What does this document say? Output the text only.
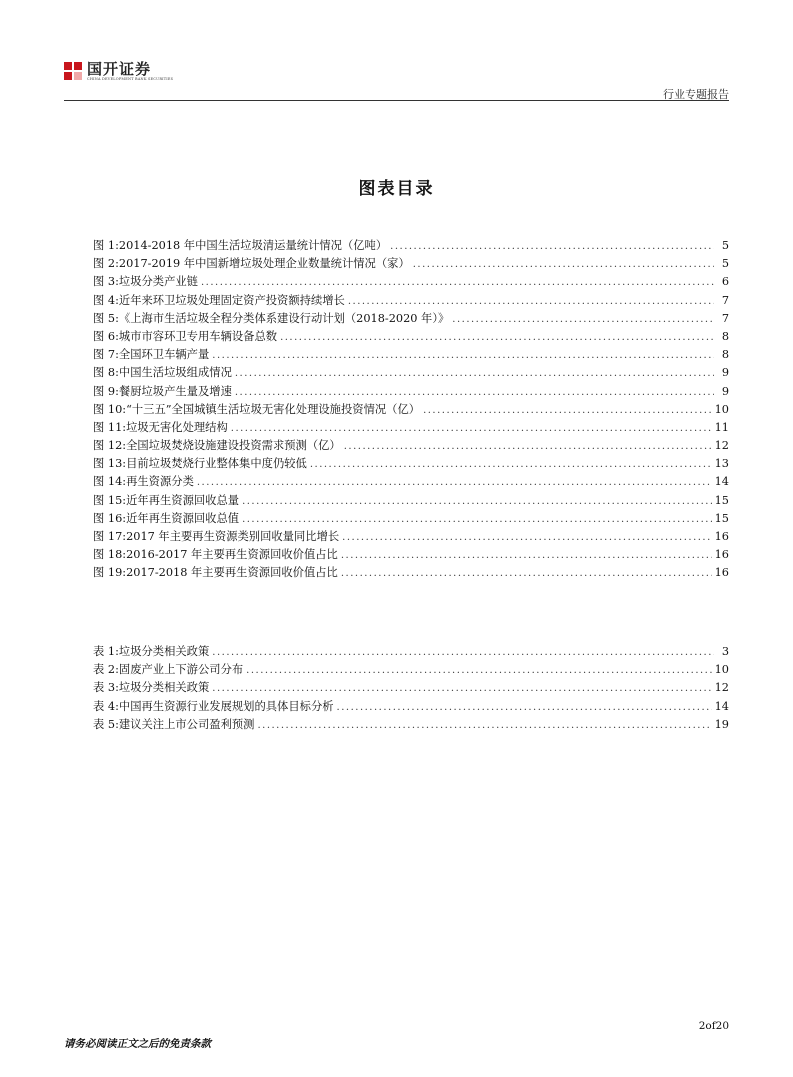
国开证券
CHINA DEVELOPMENT BANK SECURITIES
行业专题报告
图表目录
图 1: 2014-2018 年中国生活垃圾清运量统计情况（亿吨） .....	5
图 2: 2017-2019 年中国新增垃圾处理企业数量统计情况（家） .....	5
图 3: 垃圾分类产业链 .....	6
图 4: 近年来环卫垃圾处理固定资产投资额持续增长 .....	7
图 5: 《上海市生活垃圾全程分类体系建设行动计划（2018-2020 年）》 .....	7
图 6: 城市市容环卫专用车辆设备总数 .....	8
图 7: 全国环卫车辆产量 .....	8
图 8: 中国生活垃圾组成情况 .....	9
图 9: 餐厨垃圾产生量及增速 .....	9
图 10: “十三五”全国城镇生活垃圾无害化处理设施投资情况（亿） .....	10
图 11: 垃圾无害化处理结构 .....	11
图 12: 全国垃圾焚烧设施建设投资需求预测（亿） .....	12
图 13: 目前垃圾焚烧行业整体集中度仍较低 .....	13
图 14: 再生资源分类 .....	14
图 15: 近年再生资源回收总量 .....	15
图 16: 近年再生资源回收总值 .....	15
图 17: 2017 年主要再生资源类别回收量同比增长 .....	16
图 18: 2016-2017 年主要再生资源回收价值占比 .....	16
图 19: 2017-2018 年主要再生资源回收价值占比 .....	16
表 1: 垃圾分类相关政策 .....	3
表 2: 固废产业上下游公司分布 .....	10
表 3: 垃圾分类相关政策 .....	12
表 4: 中国再生资源行业发展规划的具体目标分析 .....	14
表 5: 建议关注上市公司盈利预测 .....	19
2of20
请务必阅读正文之后的免责条款
